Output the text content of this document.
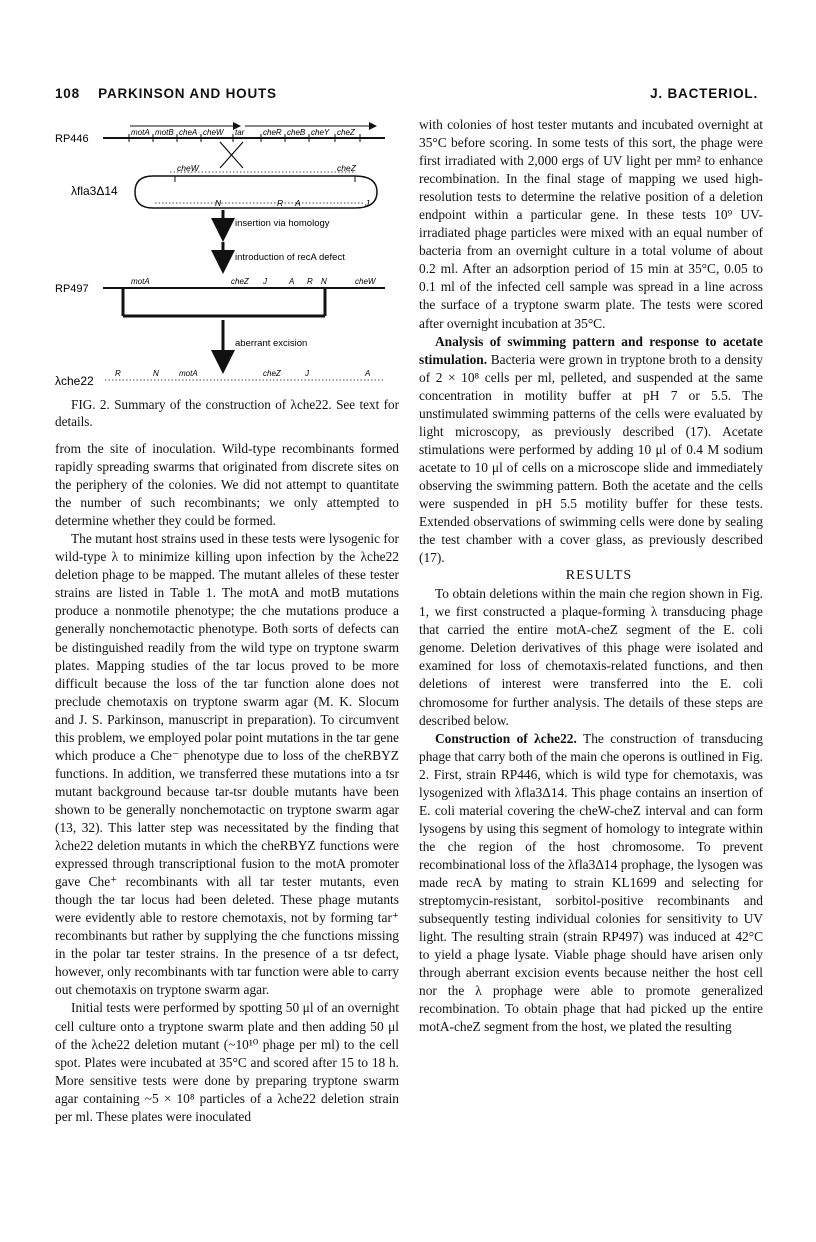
108 PARKINSON AND HOUTS	J. BACTERIOL.
RP446
motA motB cheA cheW tar cheR cheB cheY cheZ
λfla3Δ14
cheW	cheZ
N	R A	J
insertion via homology
introduction of recA defect
RP497
motA	cheZ J	A R N	cheW
aberrant excision
λche22
R	N	motA	cheZ	J	A

FIG. 2. Summary of the construction of λche22. See text for details.

from the site of inoculation. Wild-type recombinants formed rapidly spreading swarms that originated from discrete sites on the periphery of the colonies. We did not attempt to quantitate the number of such recombinants; we only attempted to determine whether they could be formed.

The mutant host strains used in these tests were lysogenic for wild-type λ to minimize killing upon infection by the λche22 deletion phage to be mapped. The mutant alleles of these tester strains are listed in Table 1. The motA and motB mutations produce a nonmotile phenotype; the che mutations produce a generally nonchemotactic phenotype. Both sorts of defects can be distinguished readily from the wild type on tryptone swarm plates. Mapping studies of the tar locus proved to be more difficult because the loss of the tar function alone does not preclude chemotaxis on tryptone swarm agar (M. K. Slocum and J. S. Parkinson, manuscript in preparation). To circumvent this problem, we employed polar point mutations in the tar gene which produce a Che⁻ phenotype due to loss of the cheRBYZ functions. In addition, we transferred these mutations into a tsr mutant background because tar-tsr double mutants have been shown to be generally nonchemotactic on tryptone swarm agar (13, 32). This latter step was necessitated by the finding that λche22 deletion mutants in which the cheRBYZ functions were expressed through transcriptional fusion to the motA promoter gave Che⁺ recombinants with all tar tester mutants, even though the tar locus had been deleted. These phage mutants were evidently able to restore chemotaxis, not by forming tar⁺ recombinants but rather by supplying the che functions missing in the polar tar tester strains. In the presence of a tsr defect, however, only recombinants with tar function were able to carry out chemotaxis on tryptone swarm agar.

Initial tests were performed by spotting 50 μl of an overnight cell culture onto a tryptone swarm plate and then adding 50 μl of the λche22 deletion mutant (~10¹⁰ phage per ml) to the cell spot. Plates were incubated at 35°C and scored after 15 to 18 h. More sensitive tests were done by preparing tryptone swarm agar containing ~5 × 10⁸ particles of a λche22 deletion strain per ml. These plates were inoculated

with colonies of host tester mutants and incubated overnight at 35°C before scoring. In some tests of this sort, the phage were first irradiated with 2,000 ergs of UV light per mm² to enhance recombination. In the final stage of mapping we used high-resolution tests to determine the relative position of a deletion endpoint within a particular gene. In these tests 10⁹ UV-irradiated phage particles were mixed with an equal number of bacteria from an overnight culture in a total volume of about 0.2 ml. After an adsorption period of 15 min at 35°C, 0.05 to 0.1 ml of the infected cell sample was spread in a line across the surface of a tryptone swarm plate. The tests were scored after overnight incubation at 35°C.

Analysis of swimming pattern and response to acetate stimulation. Bacteria were grown in tryptone broth to a density of 2 × 10⁸ cells per ml, pelleted, and suspended at the same concentration in motility buffer at pH 7 or 5.5. The unstimulated swimming patterns of the cells were evaluated by light microscopy, as previously described (17). Acetate stimulations were performed by adding 10 μl of 0.4 M sodium acetate to 10 μl of cells on a microscope slide and immediately observing the swimming pattern. Both the acetate and the cells were suspended in pH 5.5 motility buffer for these tests. Extended observations of swimming cells were done by sealing the test chamber with a cover glass, as previously described (17).

RESULTS

To obtain deletions within the main che region shown in Fig. 1, we first constructed a plaque-forming λ transducing phage that carried the entire motA-cheZ segment of the E. coli genome. Deletion derivatives of this phage were isolated and examined for loss of chemotaxis-related functions, and then deletions of interest were transferred into the E. coli chromosome for further analysis. The details of these steps are described below.

Construction of λche22. The construction of transducing phage that carry both of the main che operons is outlined in Fig. 2. First, strain RP446, which is wild type for chemotaxis, was lysogenized with λfla3Δ14. This phage contains an insertion of E. coli material covering the cheW-cheZ interval and can form lysogens by using this segment of homology to integrate within the che region of the host chromosome. To prevent recombinational loss of the λfla3Δ14 prophage, the lysogen was made recA by mating to strain KL1699 and selecting for streptomycin-resistant, sorbitol-positive recombinants and subsequently testing individual colonies for sensitivity to UV light. The resulting strain (strain RP497) was induced at 42°C to yield a phage lysate. Viable phage should have arisen only through aberrant excision events because neither the host cell nor the λ prophage were able to promote generalized recombination. To obtain phage that had picked up the entire motA-cheZ segment from the host, we plated the resulting
